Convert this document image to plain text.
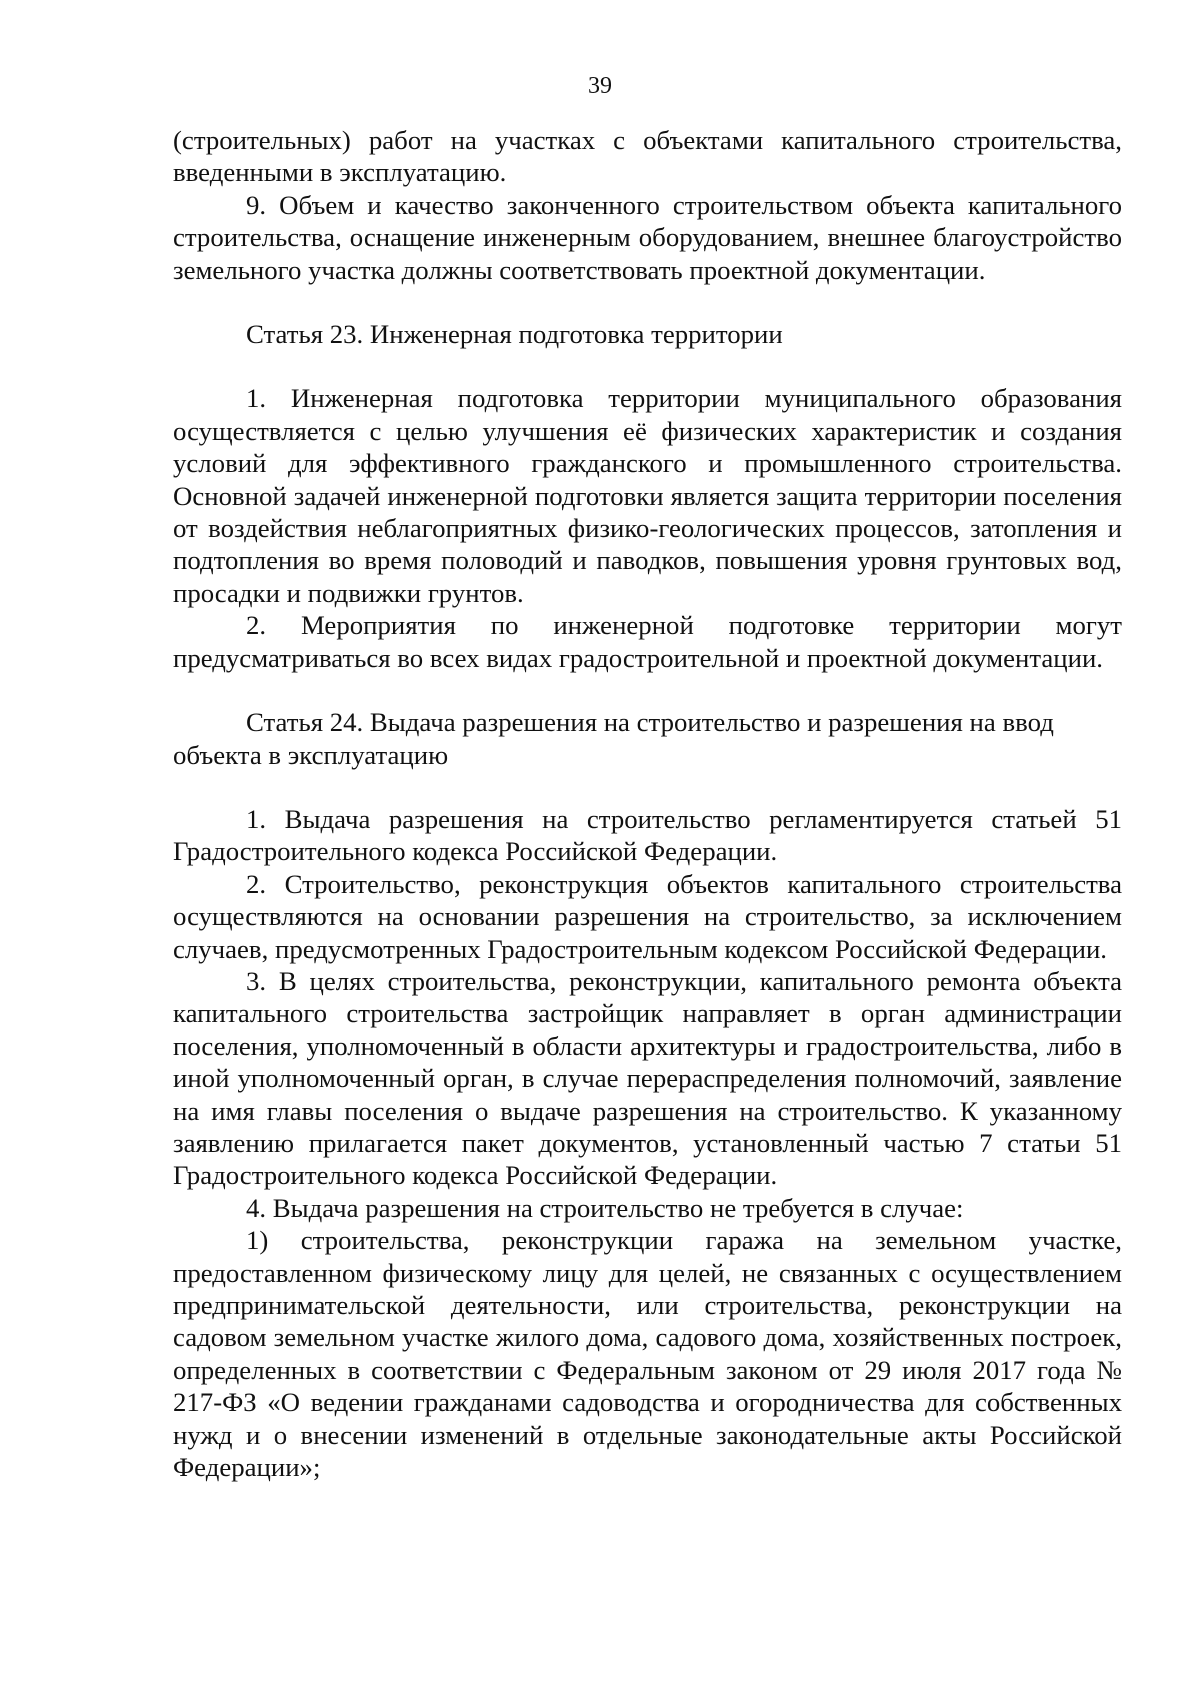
39

(строительных) работ на участках с объектами капитального строительства, введенными в эксплуатацию.

9. Объем и качество законченного строительством объекта капитального строительства, оснащение инженерным оборудованием, внешнее благоустройство земельного участка должны соответствовать проектной документации.

Статья 23. Инженерная подготовка территории

1. Инженерная подготовка территории муниципального образования осуществляется с целью улучшения её физических характеристик и создания условий для эффективного гражданского и промышленного строительства. Основной задачей инженерной подготовки является защита территории поселения от воздействия неблагоприятных физико-геологических процессов, затопления и подтопления во время половодий и паводков, повышения уровня грунтовых вод, просадки и подвижки грунтов.

2. Мероприятия по инженерной подготовке территории могут предусматриваться во всех видах градостроительной и проектной документации.

Статья 24. Выдача разрешения на строительство и разрешения на ввод объекта в эксплуатацию

1. Выдача разрешения на строительство регламентируется статьей 51 Градостроительного кодекса Российской Федерации.

2. Строительство, реконструкция объектов капитального строительства осуществляются на основании разрешения на строительство, за исключением случаев, предусмотренных Градостроительным кодексом Российской Федерации.

3. В целях строительства, реконструкции, капитального ремонта объекта капитального строительства застройщик направляет в орган администрации поселения, уполномоченный в области архитектуры и градостроительства, либо в иной уполномоченный орган, в случае перераспределения полномочий, заявление на имя главы поселения о выдаче разрешения на строительство. К указанному заявлению прилагается пакет документов, установленный частью 7 статьи 51 Градостроительного кодекса Российской Федерации.

4. Выдача разрешения на строительство не требуется в случае:

1) строительства, реконструкции гаража на земельном участке, предоставленном физическому лицу для целей, не связанных с осуществлением предпринимательской деятельности, или строительства, реконструкции на садовом земельном участке жилого дома, садового дома, хозяйственных построек, определенных в соответствии с Федеральным законом от 29 июля 2017 года № 217-ФЗ «О ведении гражданами садоводства и огородничества для собственных нужд и о внесении изменений в отдельные законодательные акты Российской Федерации»;
